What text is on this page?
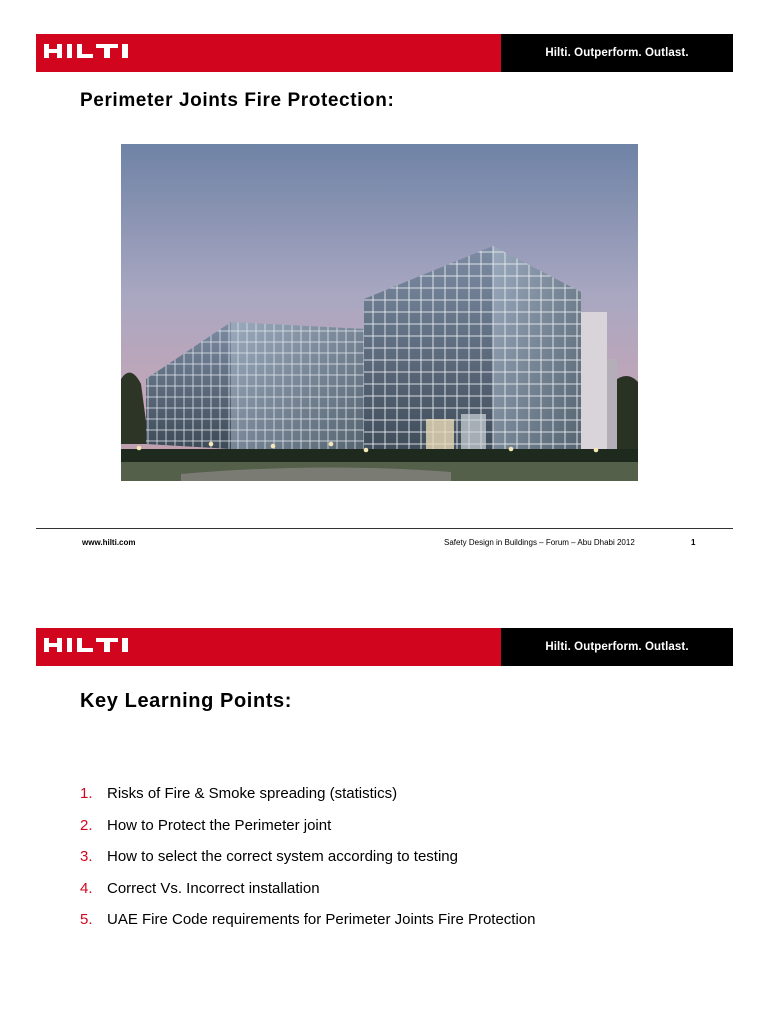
Hilti. Outperform. Outlast.
Perimeter Joints Fire Protection:
www.hilti.com	Safety Design in Buildings – Forum – Abu Dhabi 2012	1
Hilti. Outperform. Outlast.
Key Learning Points:
1. Risks of Fire & Smoke spreading (statistics)
2. How to Protect the Perimeter joint
3. How to select the correct system according to testing
4. Correct Vs. Incorrect installation
5. UAE Fire Code requirements for Perimeter Joints Fire Protection
